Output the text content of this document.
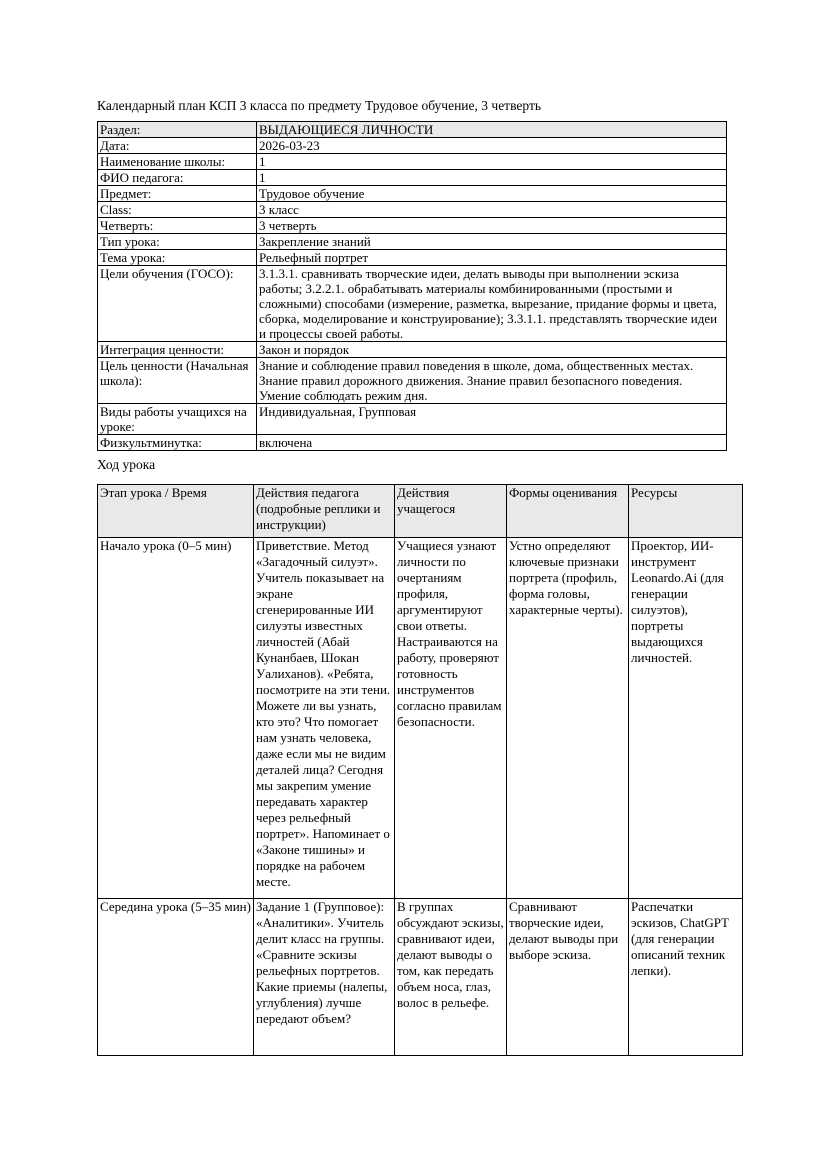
Календарный план КСП 3 класса по предмету Трудовое обучение, 3 четверть

Раздел:	ВЫДАЮЩИЕСЯ ЛИЧНОСТИ
Дата:	2026-03-23
Наименование школы:	1
ФИО педагога:	1
Предмет:	Трудовое обучение
Class:	3 класс
Четверть:	3 четверть
Тип урока:	Закрепление знаний
Тема урока:	Рельефный портрет
Цели обучения (ГОСО):	3.1.3.1. сравнивать творческие идеи, делать выводы при выполнении эскиза работы; 3.2.2.1. обрабатывать материалы комбинированными (простыми и сложными) способами (измерение, разметка, вырезание, придание формы и цвета, сборка, моделирование и конструирование); 3.3.1.1. представлять творческие идеи и процессы своей работы.
Интеграция ценности:	Закон и порядок
Цель ценности (Начальная школа):	Знание и соблюдение правил поведения в школе, дома, общественных местах. Знание правил дорожного движения. Знание правил безопасного поведения. Умение соблюдать режим дня.
Виды работы учащихся на уроке:	Индивидуальная, Групповая
Физкультминутка:	включена

Ход урока

Этап урока / Время	Действия педагога (подробные реплики и инструкции)	Действия учащегося	Формы оценивания	Ресурсы
Начало урока (0–5 мин)	Приветствие. Метод «Загадочный силуэт». Учитель показывает на экране сгенерированные ИИ силуэты известных личностей (Абай Кунанбаев, Шокан Уалиханов). «Ребята, посмотрите на эти тени. Можете ли вы узнать, кто это? Что помогает нам узнать человека, даже если мы не видим деталей лица? Сегодня мы закрепим умение передавать характер через рельефный портрет». Напоминает о «Законе тишины» и порядке на рабочем месте.	Учащиеся узнают личности по очертаниям профиля, аргументируют свои ответы. Настраиваются на работу, проверяют готовность инструментов согласно правилам безопасности.	Устно определяют ключевые признаки портрета (профиль, форма головы, характерные черты).	Проектор, ИИ-инструмент Leonardo.Ai (для генерации силуэтов), портреты выдающихся личностей.
Середина урока (5–35 мин)	Задание 1 (Групповое): «Аналитики». Учитель делит класс на группы. «Сравните эскизы рельефных портретов. Какие приемы (налепы, углубления) лучше передают объем?	В группах обсуждают эскизы, сравнивают идеи, делают выводы о том, как передать объем носа, глаз, волос в рельефе.	Сравнивают творческие идеи, делают выводы при выборе эскиза.	Распечатки эскизов, ChatGPT (для генерации описаний техник лепки).
